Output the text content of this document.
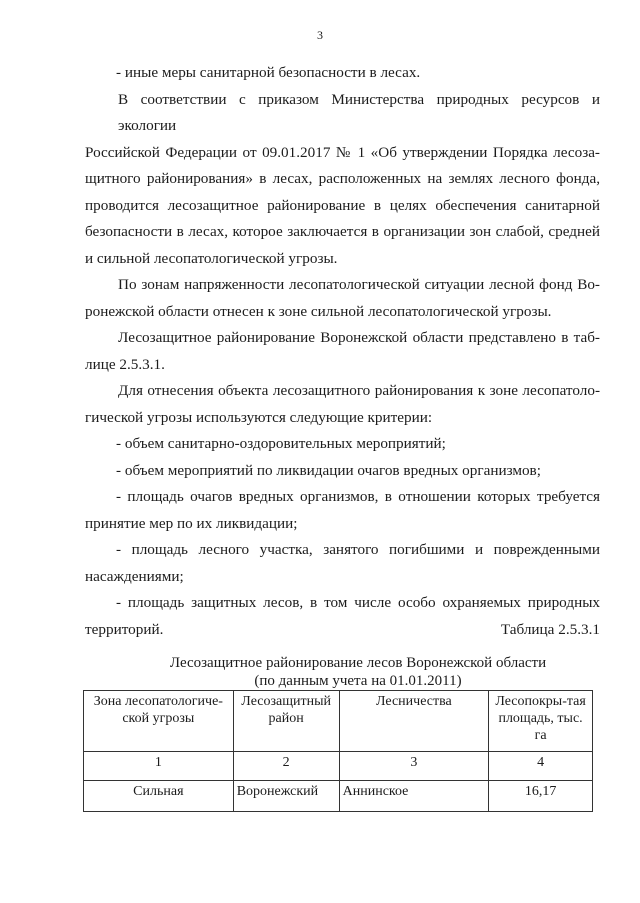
3

- иные меры санитарной безопасности в лесах.

В соответствии с приказом Министерства природных ресурсов и экологии
Российской Федерации от 09.01.2017 № 1 «Об утверждении Порядка лесоза-
щитного районирования» в лесах, расположенных на землях лесного фонда,
проводится лесозащитное районирование в целях обеспечения санитарной
безопасности в лесах, которое заключается в организации зон слабой, средней
и сильной лесопатологической угрозы.

По зонам напряженности лесопатологической ситуации лесной фонд Во-
ронежской области отнесен к зоне сильной лесопатологической угрозы.

Лесозащитное районирование Воронежской области представлено в таб-
лице 2.5.3.1.

Для отнесения объекта лесозащитного районирования к зоне лесопатоло-
гической угрозы используются следующие критерии:

- объем санитарно-оздоровительных мероприятий;

- объем мероприятий по ликвидации очагов вредных организмов;

- площадь очагов вредных организмов, в отношении которых требуется
принятие мер по их ликвидации;

- площадь лесного участка, занятого погибшими и поврежденными
насаждениями;

- площадь защитных лесов, в том числе особо охраняемых природных
территорий.	Таблица 2.5.3.1
Лесозащитное районирование лесов Воронежской области
(по данным учета на 01.01.2011)
Зона лесопатологиче-ской угрозы	Лесозащитный район	Лесничества	Лесопокры-тая площадь, тыс. га
1	2	3	4
Сильная	Воронежский	Аннинское	16,17
